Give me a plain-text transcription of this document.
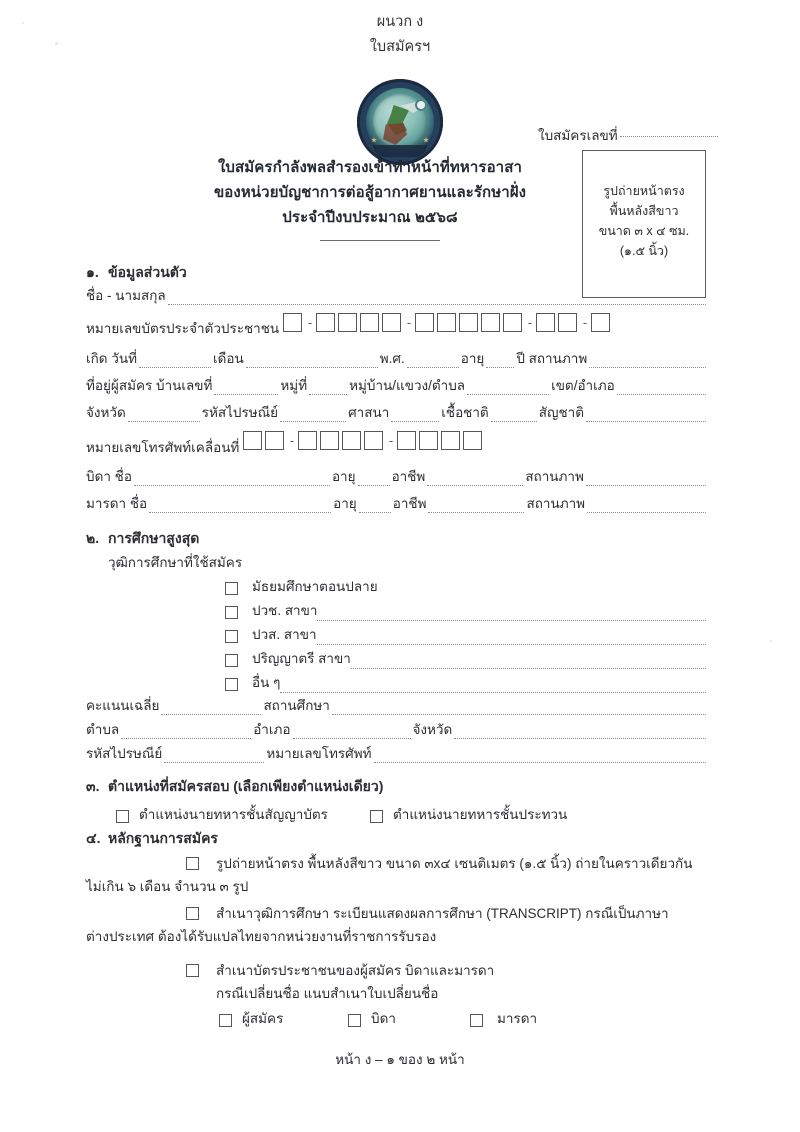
ผนวก ง
ใบสมัครฯ
ใบสมัครเลขที่
ใบสมัครกำลังพลสำรองเข้าทำหน้าที่ทหารอาสา
ของหน่วยบัญชาการต่อสู้อากาศยานและรักษาฝั่ง
ประจำปีงบประมาณ ๒๕๖๘
รูปถ่ายหน้าตรง
พื้นหลังสีขาว
ขนาด ๓ x ๔ ซม.
(๑.๕ นิ้ว)
๑. ข้อมูลส่วนตัว
ชื่อ - นามสกุล
หมายเลขบัตรประจำตัวประชาชน -	-	-	-
เกิด วันที่	เดือน	พ.ศ.	อายุ ปี สถานภาพ
ที่อยู่ผู้สมัคร บ้านเลขที่	หมู่ที่	หมู่บ้าน/แขวง/ตำบล	เขต/อำเภอ
จังหวัด	รหัสไปรษณีย์	ศาสนา	เชื้อชาติ	สัญชาติ
หมายเลขโทรศัพท์เคลื่อนที่	-	-
บิดา ชื่อ	อายุ	อาชีพ	สถานภาพ
มารดา ชื่อ	อายุ	อาชีพ	สถานภาพ
๒. การศึกษาสูงสุด
วุฒิการศึกษาที่ใช้สมัคร
มัธยมศึกษาตอนปลาย
ปวช. สาขา
ปวส. สาขา
ปริญญาตรี สาขา
อื่น ๆ
คะแนนเฉลี่ย	สถานศึกษา
ตำบล	อำเภอ	จังหวัด
รหัสไปรษณีย์	หมายเลขโทรศัพท์
๓. ตำแหน่งที่สมัครสอบ (เลือกเพียงตำแหน่งเดียว)
ตำแหน่งนายทหารชั้นสัญญาบัตร	ตำแหน่งนายทหารชั้นประทวน
๔. หลักฐานการสมัคร
รูปถ่ายหน้าตรง พื้นหลังสีขาว ขนาด ๓x๔ เซนติเมตร (๑.๕ นิ้ว) ถ่ายในคราวเดียวกัน
ไม่เกิน ๖ เดือน จำนวน ๓ รูป
สำเนาวุฒิการศึกษา ระเบียนแสดงผลการศึกษา (TRANSCRIPT) กรณีเป็นภาษา
ต่างประเทศ ต้องได้รับแปลไทยจากหน่วยงานที่ราชการรับรอง
สำเนาบัตรประชาชนของผู้สมัคร บิดาและมารดา
กรณีเปลี่ยนชื่อ แนบสำเนาใบเปลี่ยนชื่อ
ผู้สมัคร	บิดา	มารดา
หน้า ง – ๑ ของ ๒ หน้า
